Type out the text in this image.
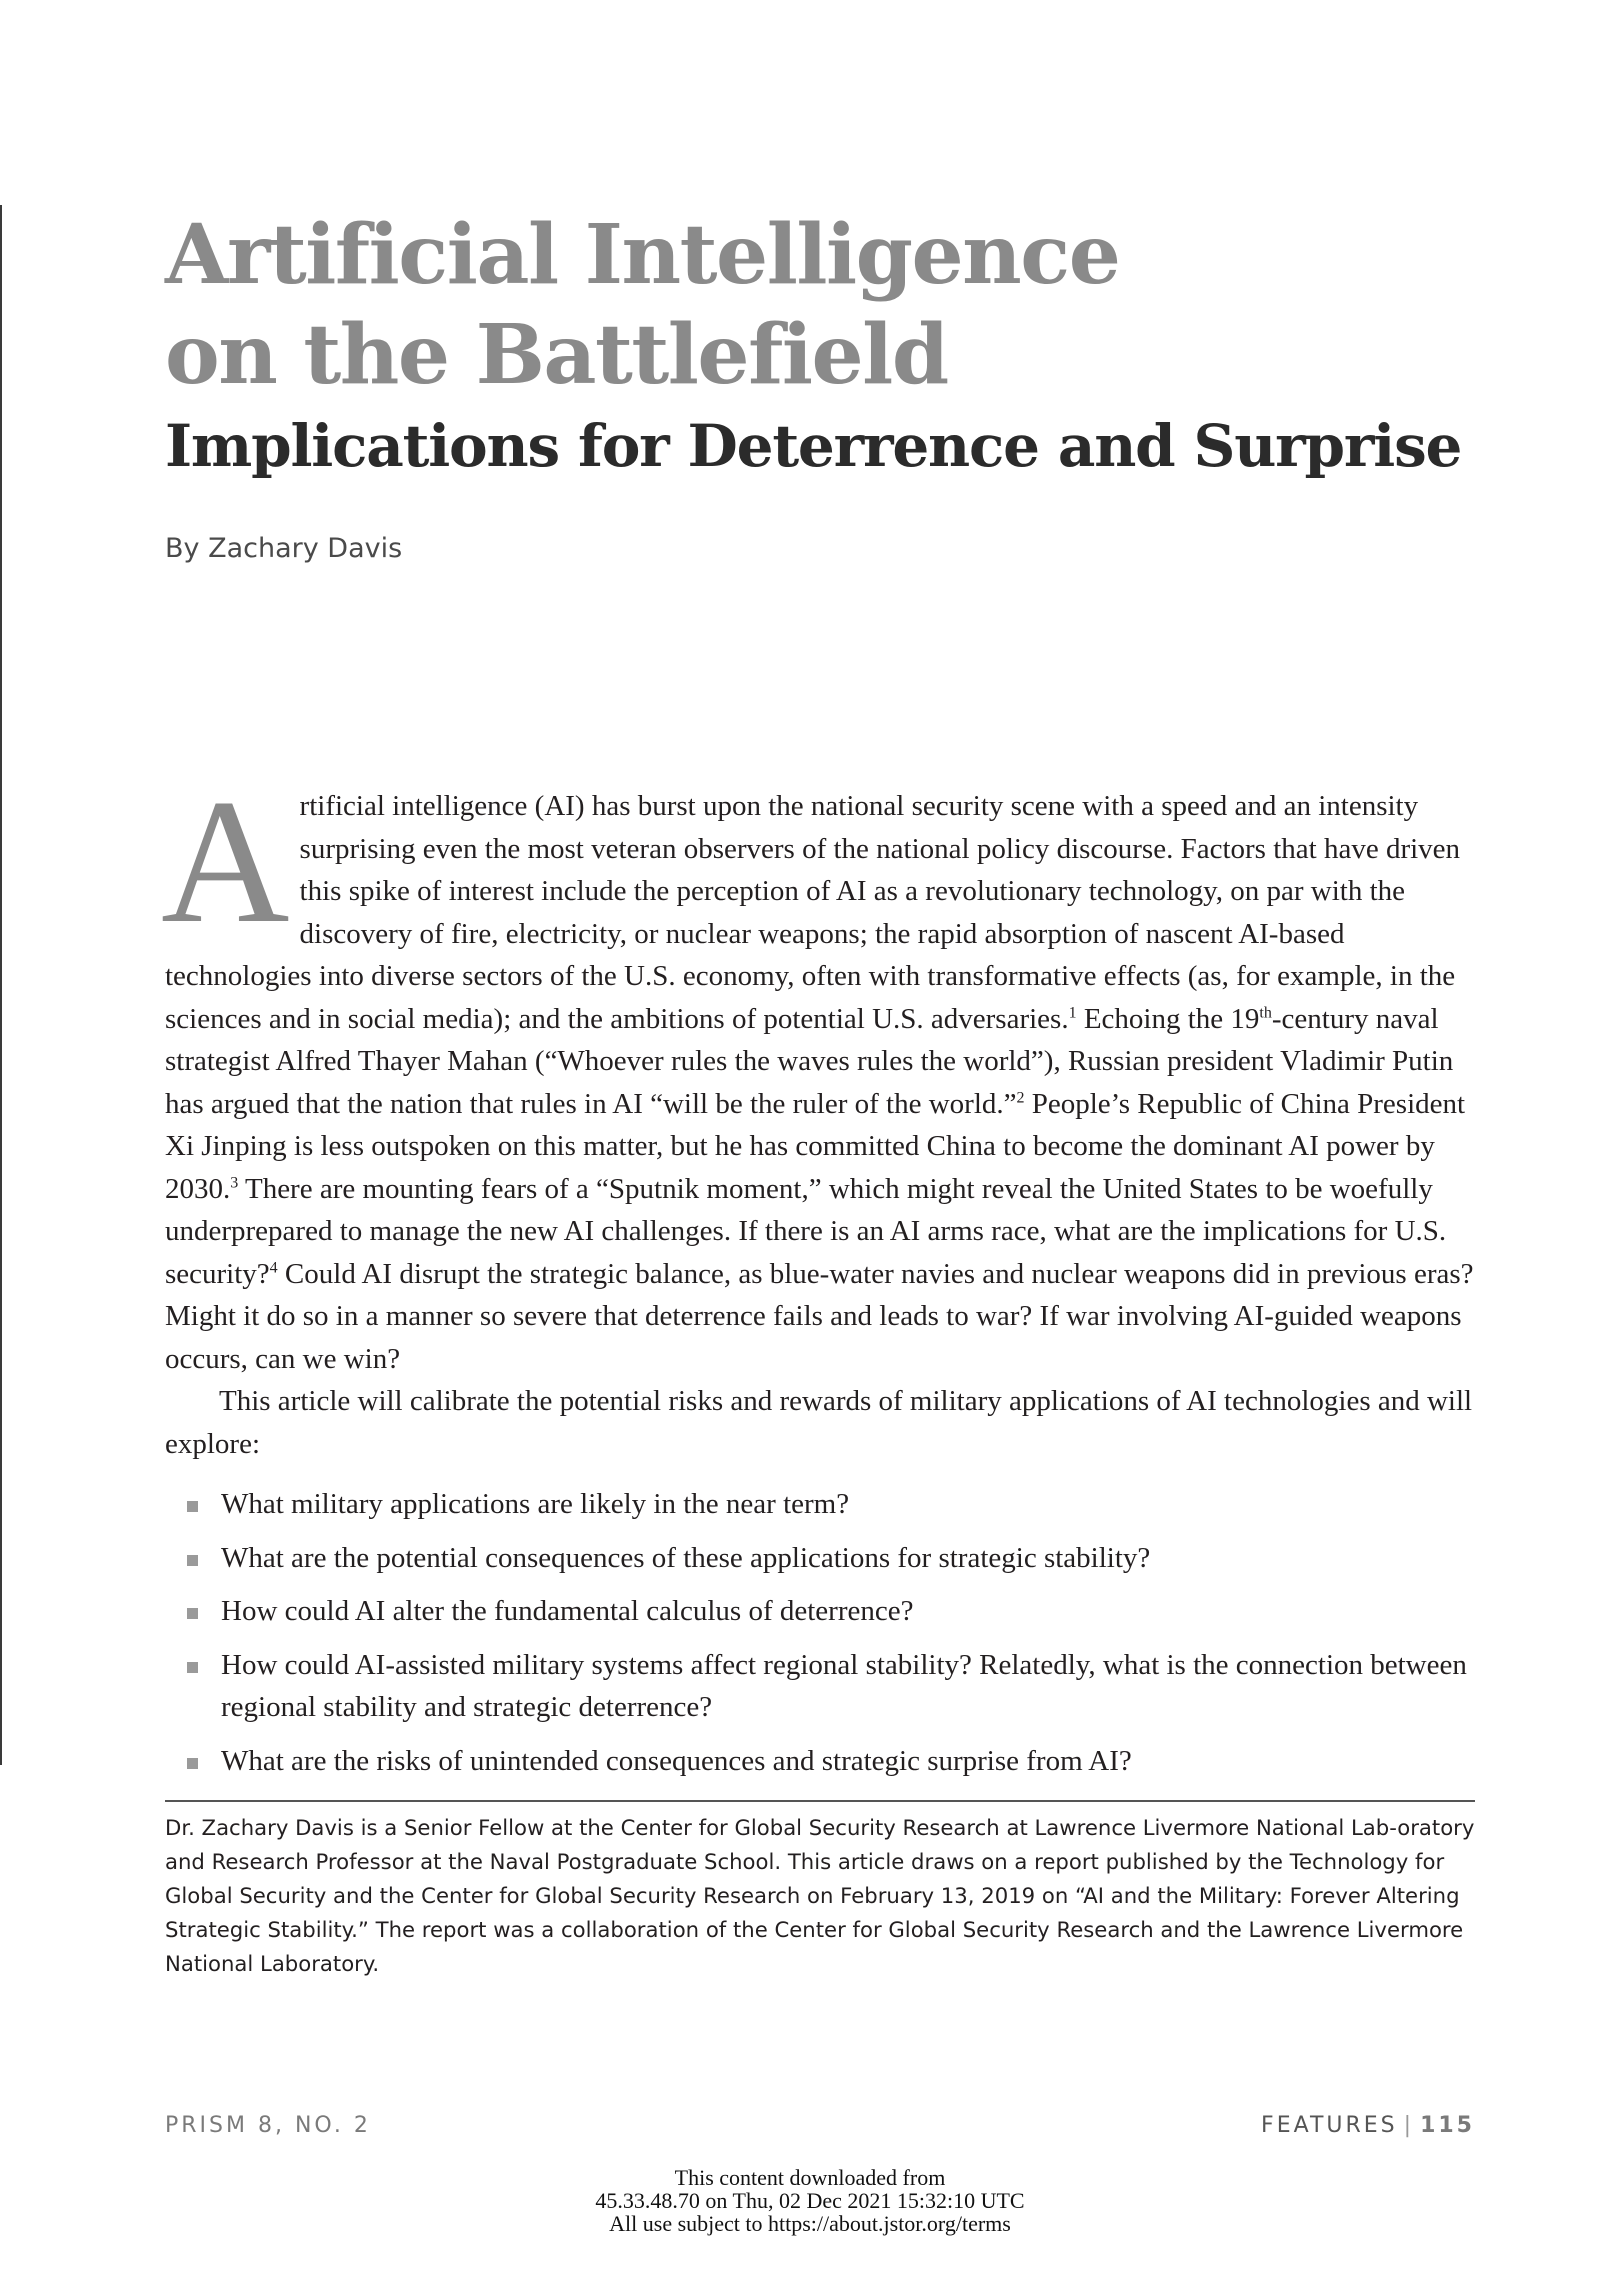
Artificial Intelligence
on the Battlefield
Implications for Deterrence and Surprise

By Zachary Davis

Artificial intelligence (AI) has burst upon the national security scene with a speed and an intensity surprising even the most veteran observers of the national policy discourse. Factors that have driven this spike of interest include the perception of AI as a revolutionary technology, on par with the discovery of fire, electricity, or nuclear weapons; the rapid absorption of nascent AI-based technologies into diverse sectors of the U.S. economy, often with transformative effects (as, for example, in the sciences and in social media); and the ambitions of potential U.S. adversaries.$^1$ Echoing the 19th-century naval strategist Alfred Thayer Mahan (“Whoever rules the waves rules the world”), Russian president Vladimir Putin has argued that the nation that rules in AI “will be the ruler of the world.”$^2$ People’s Republic of China President Xi Jinping is less outspoken on this matter, but he has committed China to become the dominant AI power by 2030.$^3$ There are mounting fears of a “Sputnik moment,” which might reveal the United States to be woefully underprepared to manage the new AI challenges. If there is an AI arms race, what are the implications for U.S. security?$^4$ Could AI disrupt the strategic balance, as blue-water navies and nuclear weapons did in previous eras? Might it do so in a manner so severe that deterrence fails and leads to war? If war involving AI-guided weapons occurs, can we win?

This article will calibrate the potential risks and rewards of military applications of AI technologies and will explore:

What military applications are likely in the near term?
What are the potential consequences of these applications for strategic stability?
How could AI alter the fundamental calculus of deterrence?
How could AI-assisted military systems affect regional stability? Relatedly, what is the connection between regional stability and strategic deterrence?
What are the risks of unintended consequences and strategic surprise from AI?

Dr. Zachary Davis is a Senior Fellow at the Center for Global Security Research at Lawrence Livermore National Lab-oratory and Research Professor at the Naval Postgraduate School. This article draws on a report published by the Technology for Global Security and the Center for Global Security Research on February 13, 2019 on “AI and the Military: Forever Altering Strategic Stability.” The report was a collaboration of the Center for Global Security Research and the Lawrence Livermore National Laboratory.

PRISM 8, NO. 2	FEATURES | 115
This content downloaded from
45.33.48.70 on Thu, 02 Dec 2021 15:32:10 UTC
All use subject to https://about.jstor.org/terms
